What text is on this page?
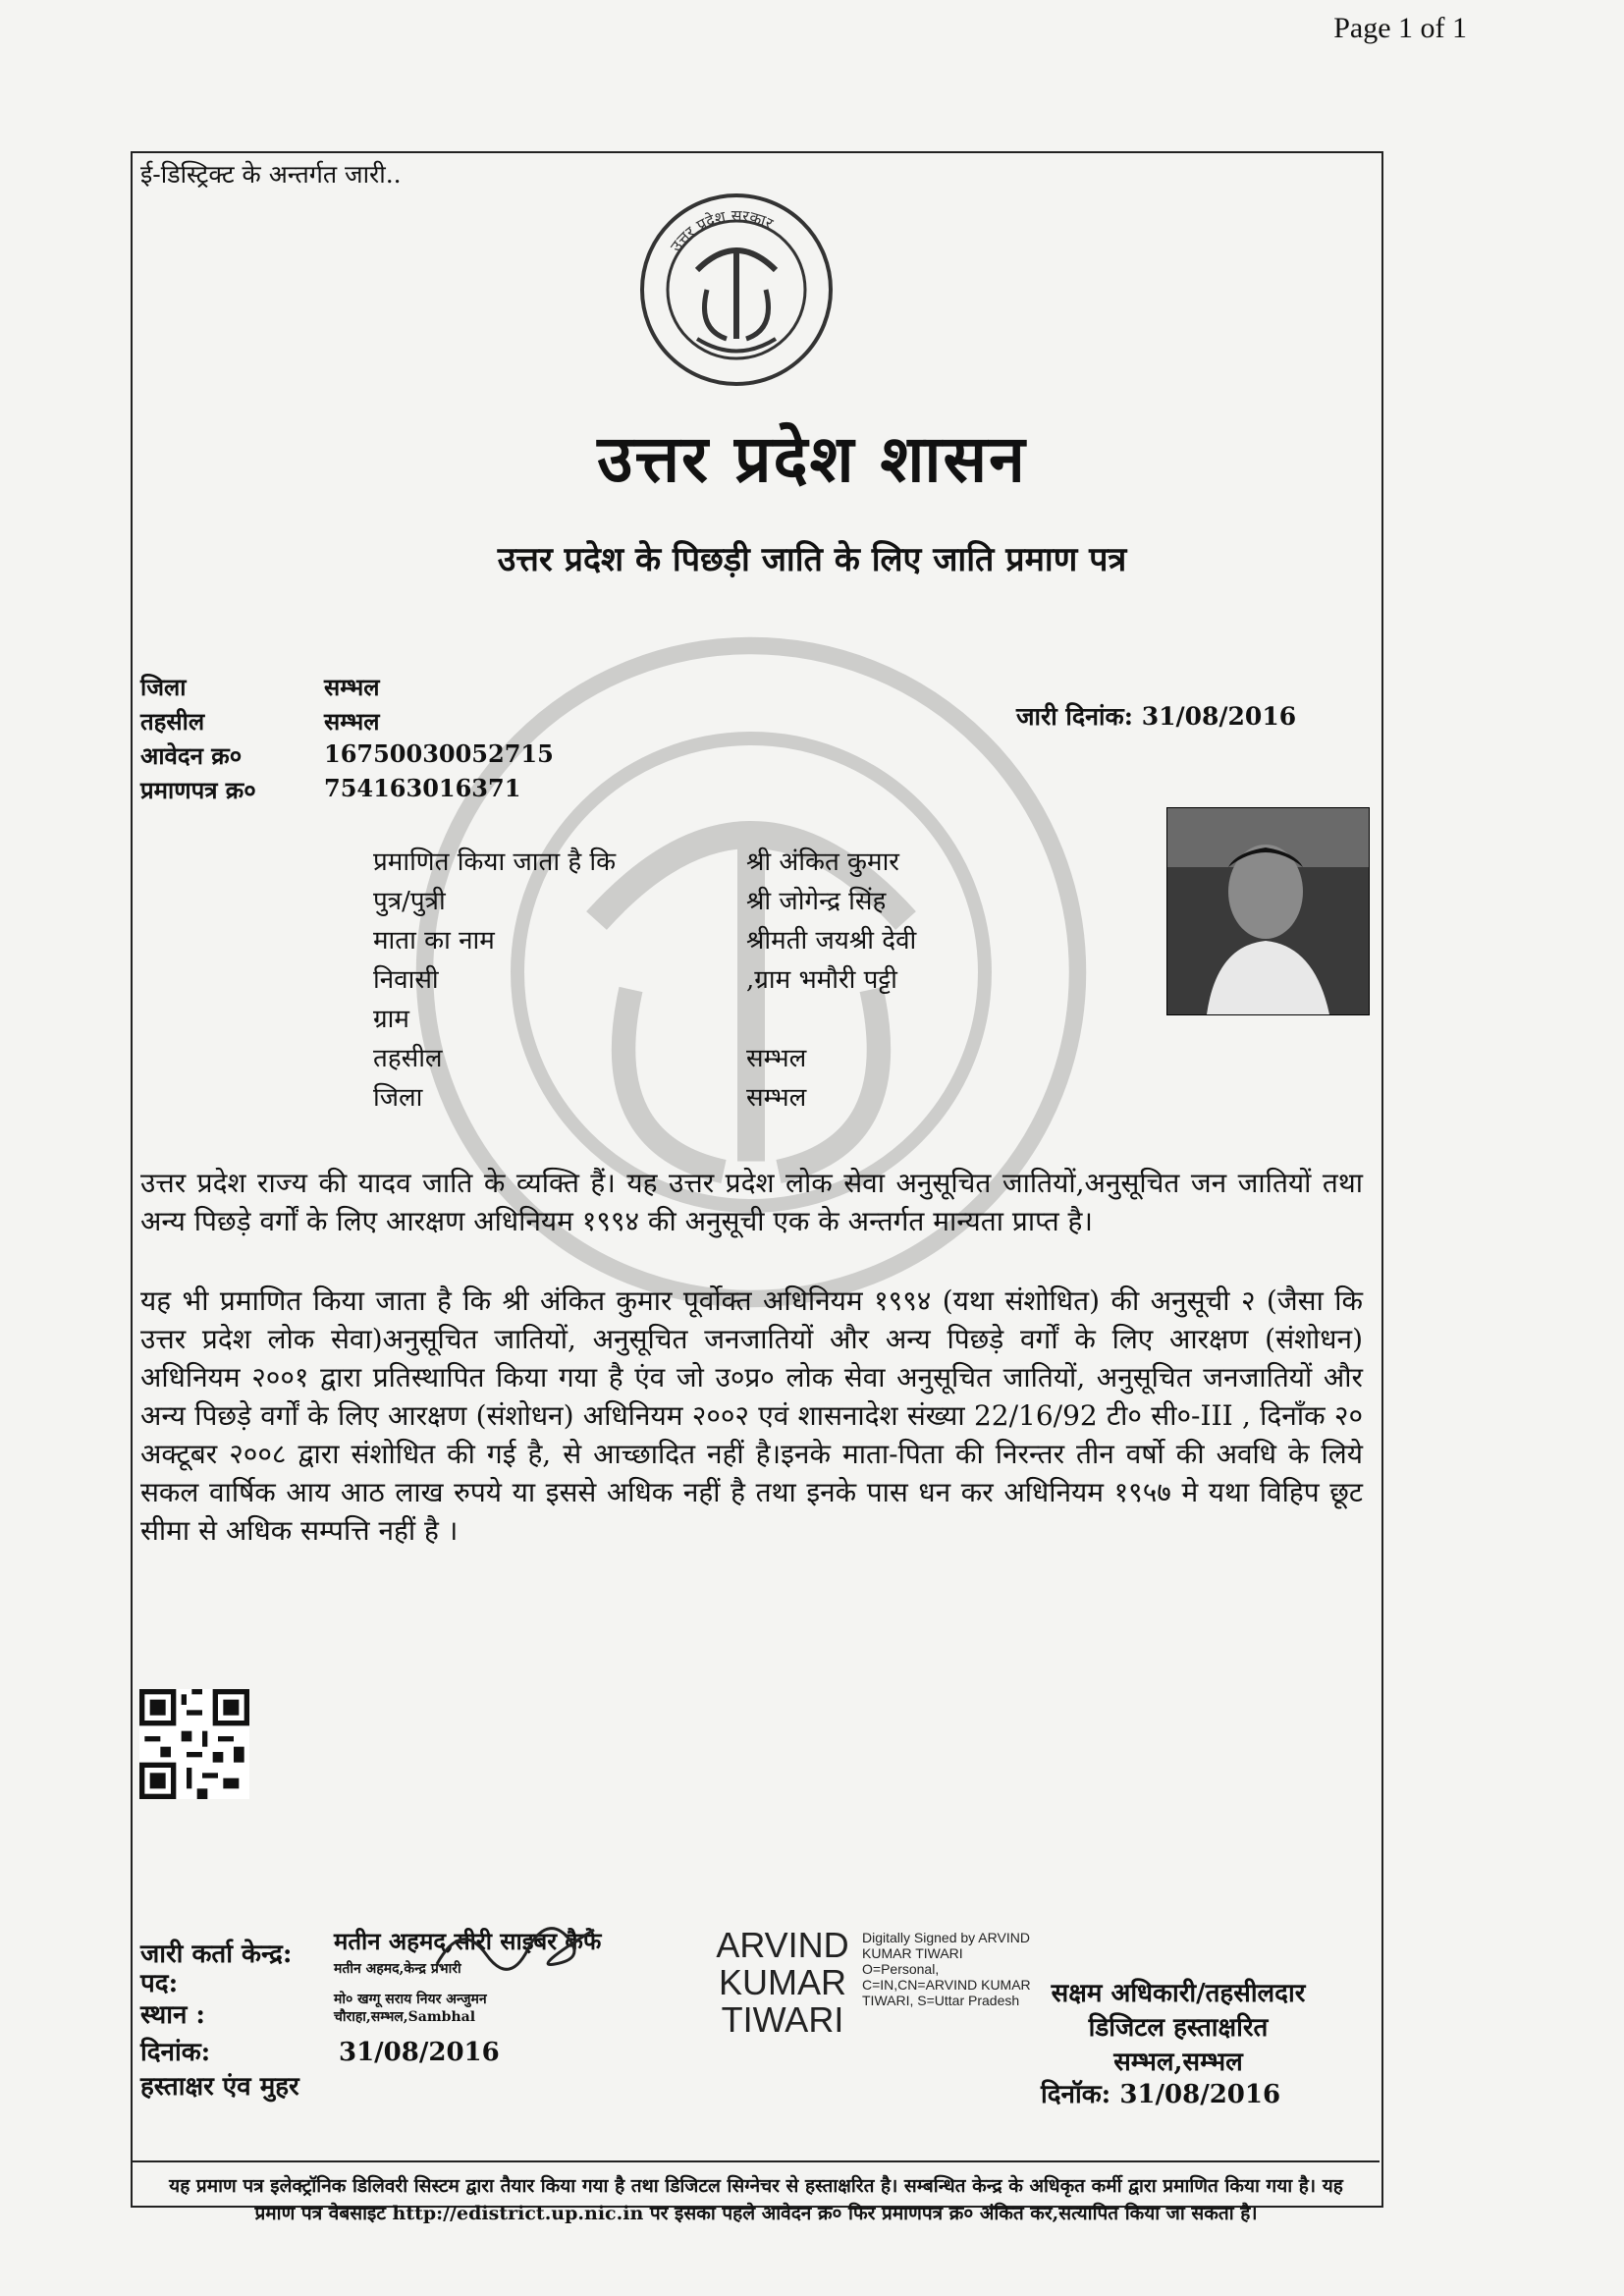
Page 1 of 1
ई-डिस्ट्रिक्ट के अन्तर्गत जारी..
उत्तर प्रदेश सरकार
उत्तर प्रदेश शासन
उत्तर प्रदेश के पिछड़ी जाति के लिए जाति प्रमाण पत्र
जिला	सम्भल
तहसील	सम्भल
आवेदन क्र०	16750030052715
प्रमाणपत्र क्र०	754163016371
जारी दिनांक: 31/08/2016
प्रमाणित किया जाता है कि	श्री अंकित कुमार
पुत्र/पुत्री	श्री जोगेन्द्र सिंह
माता का नाम	श्रीमती जयश्री देवी
निवासी	,ग्राम भमौरी पट्टी
ग्राम
तहसील	सम्भल
जिला	सम्भल
उत्तर प्रदेश राज्य की यादव जाति के व्यक्ति हैं। यह उत्तर प्रदेश लोक सेवा अनुसूचित जातियों,अनुसूचित जन जातियों तथा अन्य पिछड़े वर्गों के लिए आरक्षण अधिनियम १९९४ की अनुसूची एक के अन्तर्गत मान्यता प्राप्त है।
यह भी प्रमाणित किया जाता है कि श्री अंकित कुमार पूर्वोक्त अधिनियम १९९४ (यथा संशोधित) की अनुसूची २ (जैसा कि उत्तर प्रदेश लोक सेवा)अनुसूचित जातियों, अनुसूचित जनजातियों और अन्य पिछड़े वर्गों के लिए आरक्षण (संशोधन) अधिनियम २००१ द्वारा प्रतिस्थापित किया गया है एंव जो उ०प्र० लोक सेवा अनुसूचित जातियों, अनुसूचित जनजातियों और अन्य पिछड़े वर्गों के लिए आरक्षण (संशोधन) अधिनियम २००२ एवं शासनादेश संख्या 22/16/92 टी० सी०-III , दिनाँक २० अक्टूबर २००८ द्वारा संशोधित की गई है, से आच्छादित नहीं है।इनके माता-पिता की निरन्तर तीन वर्षो की अवधि के लिये सकल वार्षिक आय आठ लाख रुपये या इससे अधिक नहीं है तथा इनके पास धन कर अधिनियम १९५७ मे यथा विहिप छूट सीमा से अधिक सम्पत्ति नहीं है ।
जारी कर्ता केन्द्र: मतीन अहमद,सीरी साइबर कैफे
पद:	मतीन अहमद,केन्द्र प्रभारी
स्थान :
मो० खग्गू सराय नियर अन्जुमन चौराहा,सम्भल,Sambhal
दिनांक:	31/08/2016
हस्ताक्षर एंव मुहर
ARVIND KUMAR TIWARI
Digitally Signed by ARVIND KUMAR TIWARI O=Personal, C=IN,CN=ARVIND KUMAR TIWARI, S=Uttar Pradesh	सक्षम अधिकारी/तहसीलदार
डिजिटल हस्ताक्षरित
सम्भल,सम्भल
दिनॉक: 31/08/2016
यह प्रमाण पत्र इलेक्ट्रॉनिक डिलिवरी सिस्टम द्वारा तैयार किया गया है तथा डिजिटल सिग्नेचर से हस्ताक्षरित है। सम्बन्धित केन्द्र के अधिकृत कर्मी द्वारा प्रमाणित किया गया है। यह प्रमाण पत्र वेबसाइट http://edistrict.up.nic.in पर इसका पहले आवेदन क्र० फिर प्रमाणपत्र क्र० अंकित कर,सत्यापित किया जा सकता है।
